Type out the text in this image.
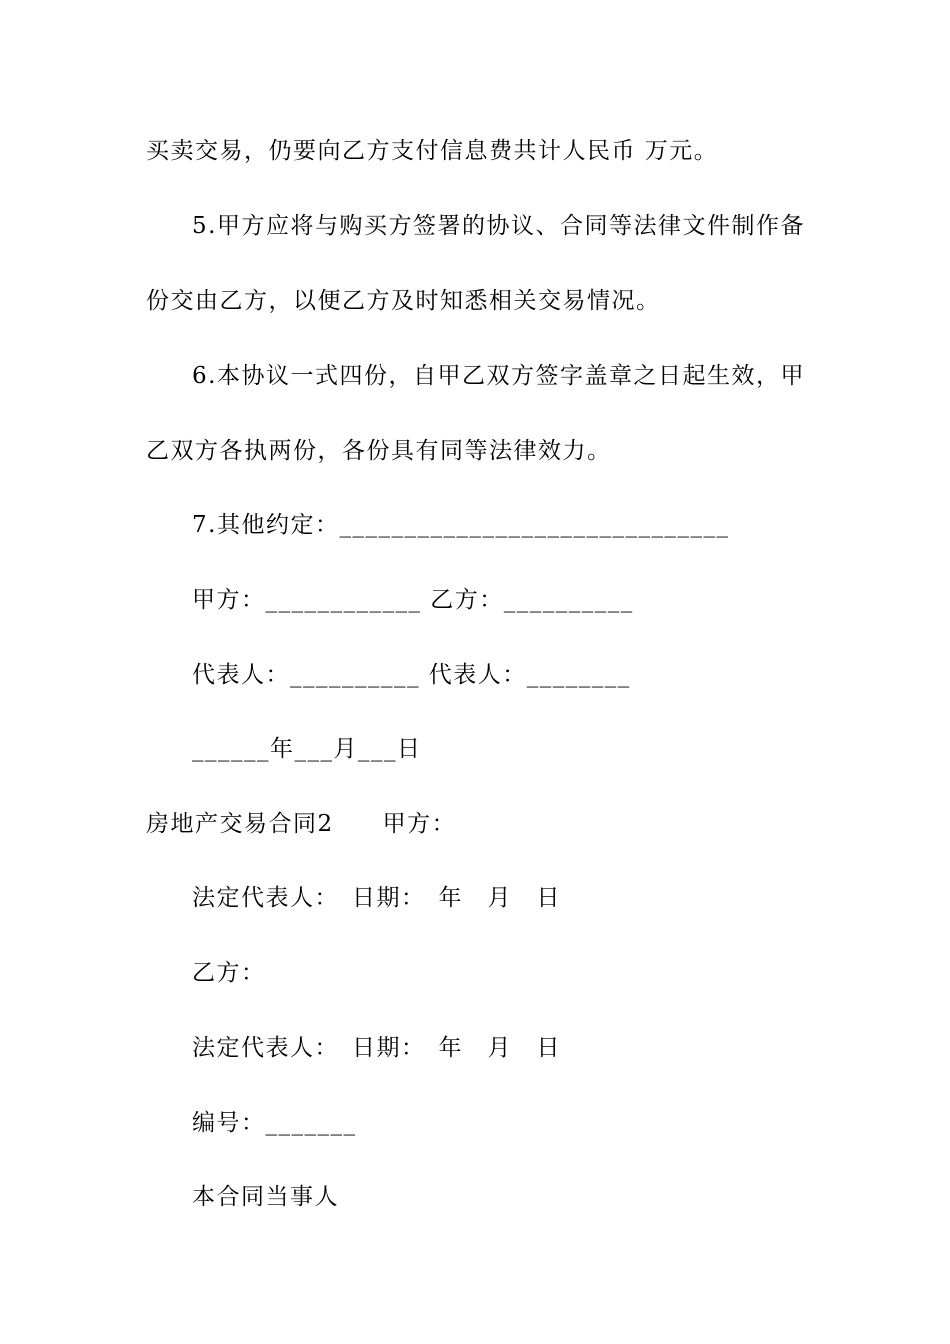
买卖交易，仍要向乙方支付信息费共计人民币 万元。
5.甲方应将与购买方签署的协议、合同等法律文件制作备
份交由乙方，以便乙方及时知悉相关交易情况。
6.本协议一式四份，自甲乙双方签字盖章之日起生效，甲
乙双方各执两份，各份具有同等法律效力。
7.其他约定：______________________________
甲方：____________ 乙方：__________
代表人：__________ 代表人：________
______年___月___日
房地产交易合同2　　甲方：
法定代表人：　日期：　年　月　日
乙方：
法定代表人：　日期：　年　月　日
编号：_______
本合同当事人
